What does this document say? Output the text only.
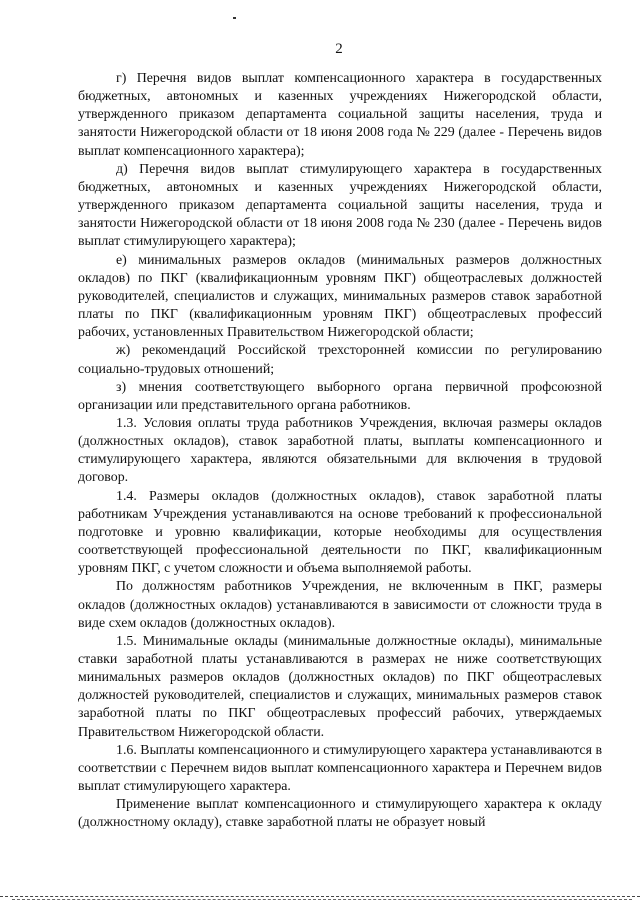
2

г) Перечня видов выплат компенсационного характера в государственных бюджетных, автономных и казенных учреждениях Нижегородской области, утвержденного приказом департамента социальной защиты населения, труда и занятости Нижегородской области от 18 июня 2008 года № 229 (далее - Перечень видов выплат компенсационного характера);

д) Перечня видов выплат стимулирующего характера в государственных бюджетных, автономных и казенных учреждениях Нижегородской области, утвержденного приказом департамента социальной защиты населения, труда и занятости Нижегородской области от 18 июня 2008 года № 230 (далее - Перечень видов выплат стимулирующего характера);

е) минимальных размеров окладов (минимальных размеров должностных окладов) по ПКГ (квалификационным уровням ПКГ) общеотраслевых должностей руководителей, специалистов и служащих, минимальных размеров ставок заработной платы по ПКГ (квалификационным уровням ПКГ) общеотраслевых профессий рабочих, установленных Правительством Нижегородской области;

ж) рекомендаций Российской трехсторонней комиссии по регулированию социально-трудовых отношений;

з) мнения соответствующего выборного органа первичной профсоюзной организации или представительного органа работников.

1.3. Условия оплаты труда работников Учреждения, включая размеры окладов (должностных окладов), ставок заработной платы, выплаты компенсационного и стимулирующего характера, являются обязательными для включения в трудовой договор.

1.4. Размеры окладов (должностных окладов), ставок заработной платы работникам Учреждения устанавливаются на основе требований к профессиональной подготовке и уровню квалификации, которые необходимы для осуществления соответствующей профессиональной деятельности по ПКГ, квалификационным уровням ПКГ, с учетом сложности и объема выполняемой работы.

По должностям работников Учреждения, не включенным в ПКГ, размеры окладов (должностных окладов) устанавливаются в зависимости от сложности труда в виде схем окладов (должностных окладов).

1.5. Минимальные оклады (минимальные должностные оклады), минимальные ставки заработной платы устанавливаются в размерах не ниже соответствующих минимальных размеров окладов (должностных окладов) по ПКГ общеотраслевых должностей руководителей, специалистов и служащих, минимальных размеров ставок заработной платы по ПКГ общеотраслевых профессий рабочих, утверждаемых Правительством Нижегородской области.

1.6. Выплаты компенсационного и стимулирующего характера устанавливаются в соответствии с Перечнем видов выплат компенсационного характера и Перечнем видов выплат стимулирующего характера.

Применение выплат компенсационного и стимулирующего характера к окладу (должностному окладу), ставке заработной платы не образует новый
